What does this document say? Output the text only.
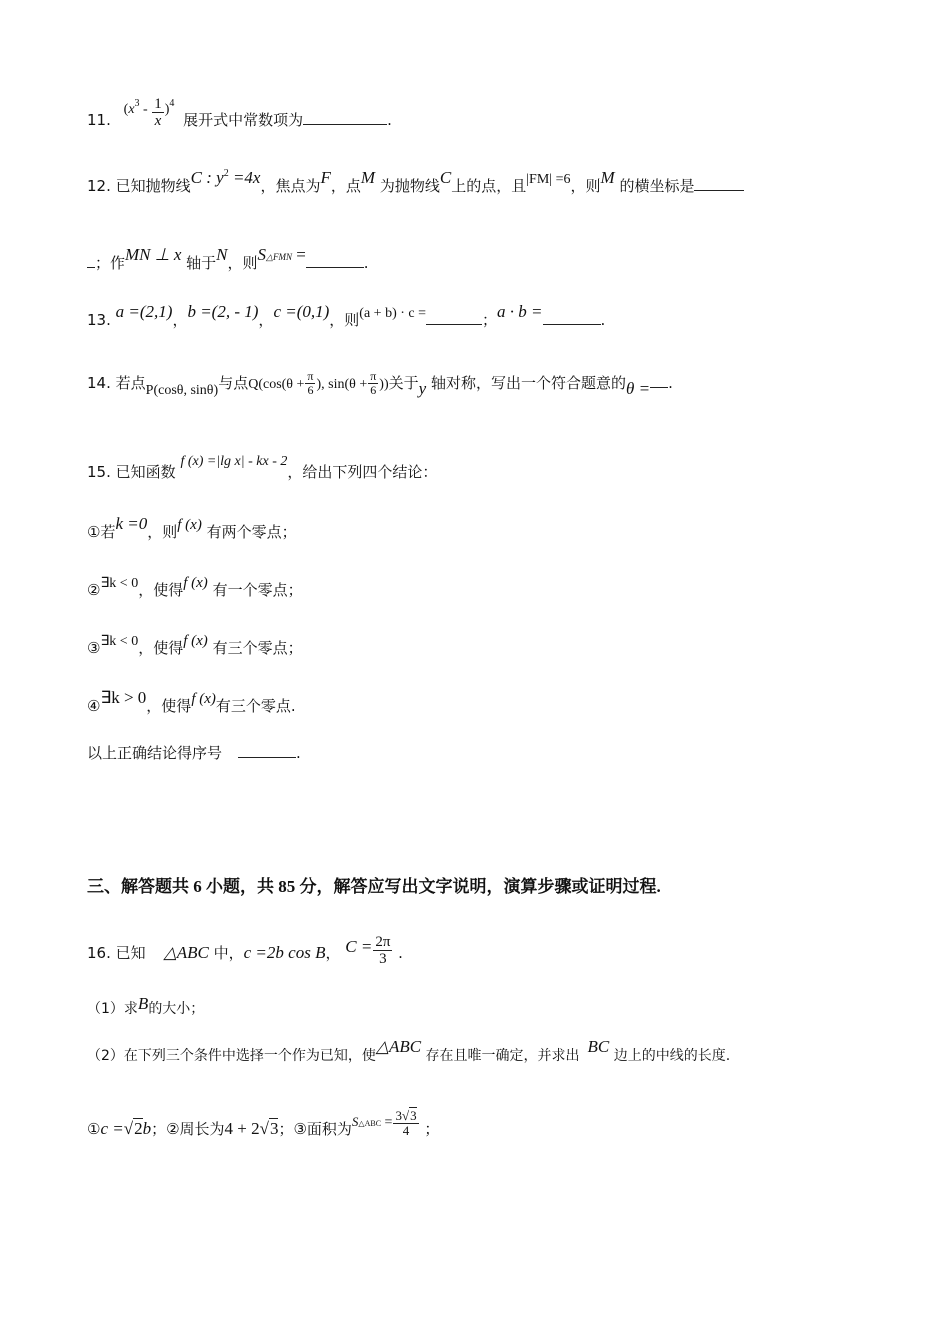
11. $(x^3 - \frac{1}{x} )^4$ 展开式中常数项为	.
12. 已知抛物线C : $y^2 =4x$，焦点为F，点M 为抛物线C上的点，且|FM| =6，则M 的横坐标是
；作MN ⊥ x 轴于N，则$S^{\triangle FMN}$ =	.
13. a =(2,1)，b =(2, - 1)，c =(0,1)，则(a + b) · c =	；a · b =	.
14. 若点P(cosθ, sinθ)与点$Q(\cos(\theta + \frac{\pi}{6}$ ), $\sin(\theta + \frac{\pi}{6}$ ))关于y 轴对称，写出一个符合题意的θ = .
15. 已知函数 f (x) =|lg x| - kx - 2，给出下列四个结论：
①若k =0，则f (x) 有两个零点；
②∃k < 0，使得f (x) 有一个零点；
③∃k < 0，使得f (x) 有三个零点；
④∃k > 0，使得f (x)有三个零点.
以上正确结论得序号	.
三、解答题共 6 小题，共 85 分，解答应写出文字说明，演算步骤或证明过程.
16. 已知 △ABC 中，c =2b cos B， $C = \frac{2\pi}{3}$ .
（1）求B的大小；
（2）在下列三个条件中选择一个作为已知，使△ABC 存在且唯一确定，并求出 BC 边上的中线的长度.
①c =√2b；②周长为4 + 2√3；③面积为$S^{\triangle ABC} = \frac{3√3}{4}$ ；
